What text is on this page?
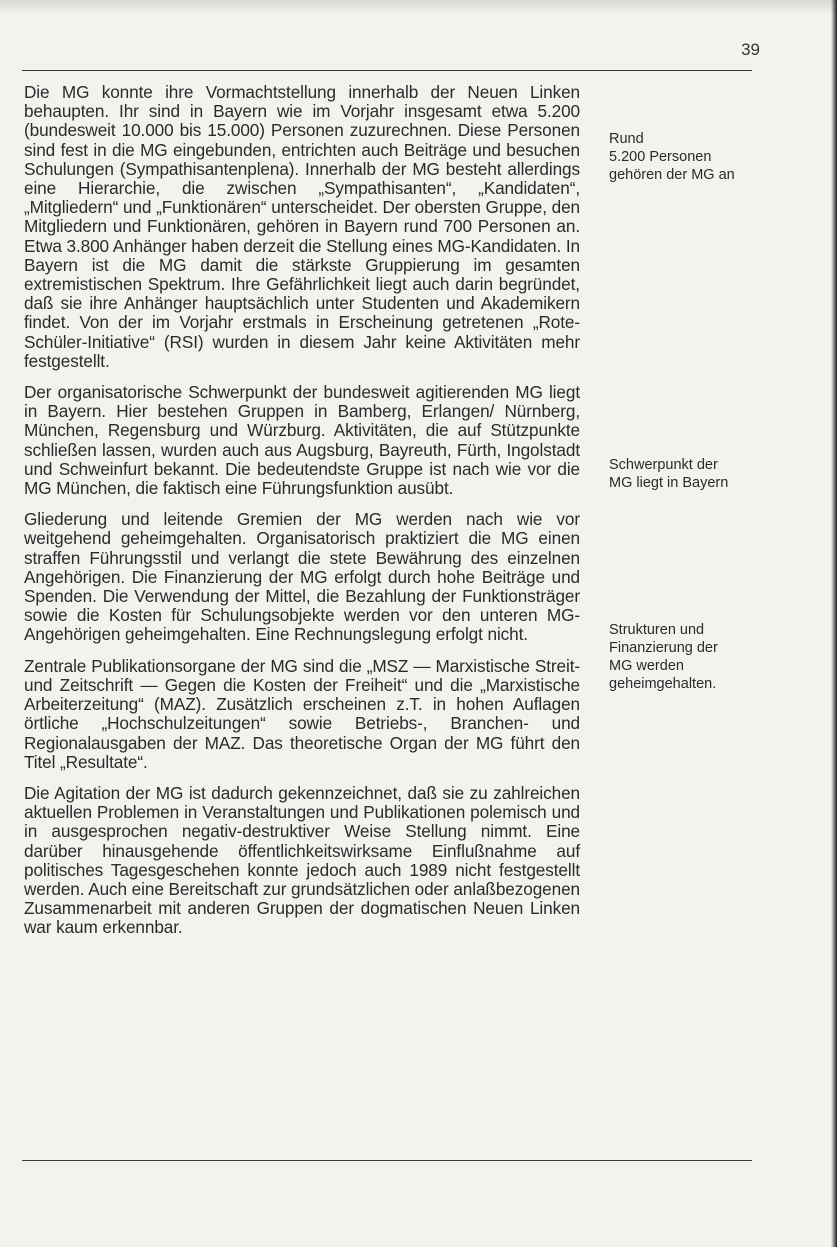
39

Die MG konnte ihre Vormachtstellung innerhalb der Neuen Linken behaupten. Ihr sind in Bayern wie im Vorjahr insgesamt etwa 5.200 (bundesweit 10.000 bis 15.000) Personen zuzurechnen. Diese Personen sind fest in die MG eingebunden, entrichten auch Beiträge und besuchen Schulungen (Sympathisantenplena). Innerhalb der MG besteht allerdings eine Hierarchie, die zwischen „Sympathisanten“, „Kandidaten“, „Mitgliedern“ und „Funktionären“ unterscheidet. Der obersten Gruppe, den Mitgliedern und Funktionären, gehören in Bayern rund 700 Personen an. Etwa 3.800 Anhänger haben derzeit die Stellung eines MG-Kandidaten. In Bayern ist die MG damit die stärkste Gruppierung im gesamten extremistischen Spektrum. Ihre Gefährlichkeit liegt auch darin begründet, daß sie ihre Anhänger hauptsächlich unter Studenten und Akademikern findet. Von der im Vorjahr erstmals in Erscheinung getretenen „Rote-Schüler-Initiative“ (RSI) wurden in diesem Jahr keine Aktivitäten mehr festgestellt.

Der organisatorische Schwerpunkt der bundesweit agitierenden MG liegt in Bayern. Hier bestehen Gruppen in Bamberg, Erlangen/ Nürnberg, München, Regensburg und Würzburg. Aktivitäten, die auf Stützpunkte schließen lassen, wurden auch aus Augsburg, Bayreuth, Fürth, Ingolstadt und Schweinfurt bekannt. Die bedeutendste Gruppe ist nach wie vor die MG München, die faktisch eine Führungsfunktion ausübt.

Gliederung und leitende Gremien der MG werden nach wie vor weitgehend geheimgehalten. Organisatorisch praktiziert die MG einen straffen Führungsstil und verlangt die stete Bewährung des einzelnen Angehörigen. Die Finanzierung der MG erfolgt durch hohe Beiträge und Spenden. Die Verwendung der Mittel, die Bezahlung der Funktionsträger sowie die Kosten für Schulungsobjekte werden vor den unteren MG-Angehörigen geheimgehalten. Eine Rechnungslegung erfolgt nicht.

Zentrale Publikationsorgane der MG sind die „MSZ — Marxistische Streit- und Zeitschrift — Gegen die Kosten der Freiheit“ und die „Marxistische Arbeiterzeitung“ (MAZ). Zusätzlich erscheinen z.T. in hohen Auflagen örtliche „Hochschulzeitungen“ sowie Betriebs-, Branchen- und Regionalausgaben der MAZ. Das theoretische Organ der MG führt den Titel „Resultate“.

Die Agitation der MG ist dadurch gekennzeichnet, daß sie zu zahlreichen aktuellen Problemen in Veranstaltungen und Publikationen polemisch und in ausgesprochen negativ-destruktiver Weise Stellung nimmt. Eine darüber hinausgehende öffentlichkeitswirksame Einflußnahme auf politisches Tagesgeschehen konnte jedoch auch 1989 nicht festgestellt werden. Auch eine Bereitschaft zur grundsätzlichen oder anlaßbezogenen Zusammenarbeit mit anderen Gruppen der dogmatischen Neuen Linken war kaum erkennbar.

Rund
5.200 Personen
gehören der MG an
Schwerpunkt der
MG liegt in Bayern
Strukturen und
Finanzierung der
MG werden
geheimgehalten.
